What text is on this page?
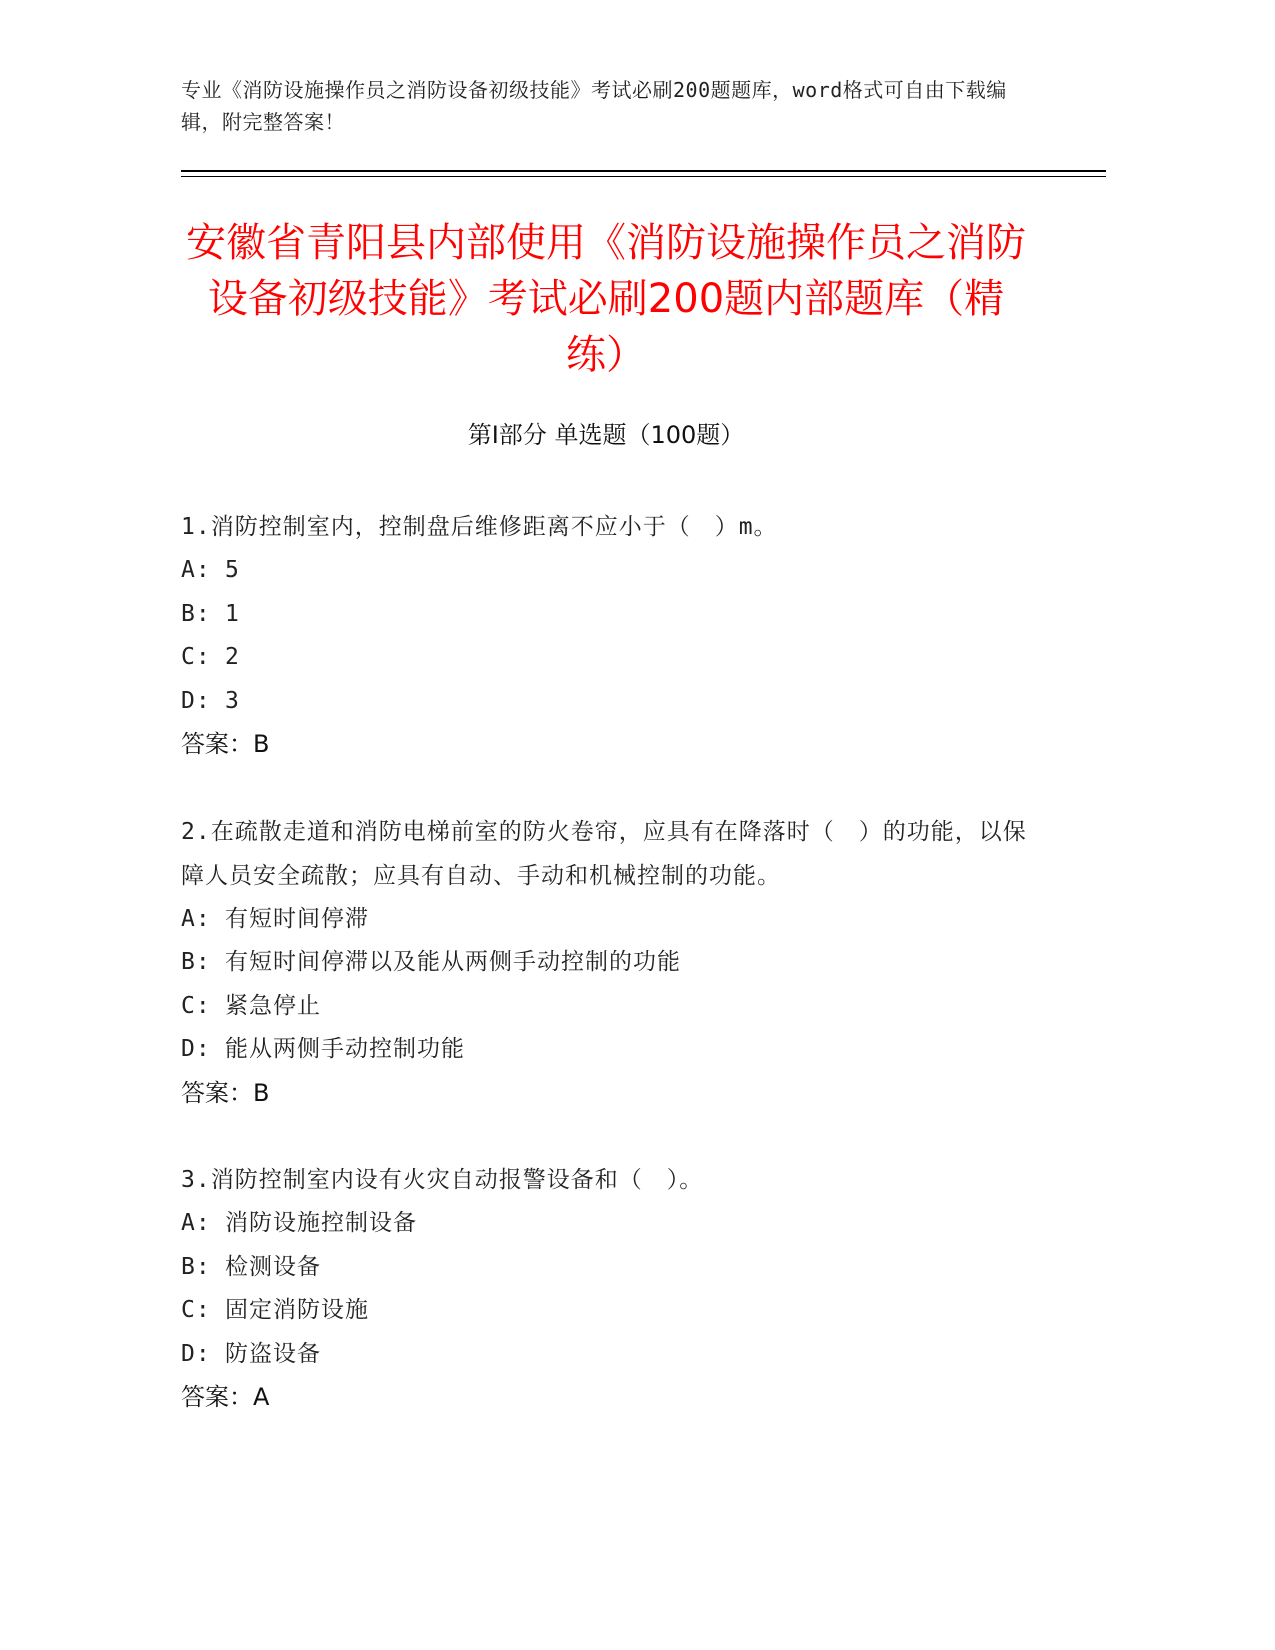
专业《消防设施操作员之消防设备初级技能》考试必刷200题题库，word格式可自由下载编辑，附完整答案！
安徽省青阳县内部使用《消防设施操作员之消防设备初级技能》考试必刷200题内部题库（精练）
第I部分 单选题（100题）
1.消防控制室内，控制盘后维修距离不应小于（　）m。
A: 5
B: 1
C: 2
D: 3
答案：B
2.在疏散走道和消防电梯前室的防火卷帘，应具有在降落时（　）的功能，以保障人员安全疏散；应具有自动、手动和机械控制的功能。
A: 有短时间停滞
B: 有短时间停滞以及能从两侧手动控制的功能
C: 紧急停止
D: 能从两侧手动控制功能
答案：B
3.消防控制室内设有火灾自动报警设备和（　）。
A: 消防设施控制设备
B: 检测设备
C: 固定消防设施
D: 防盗设备
答案：A
